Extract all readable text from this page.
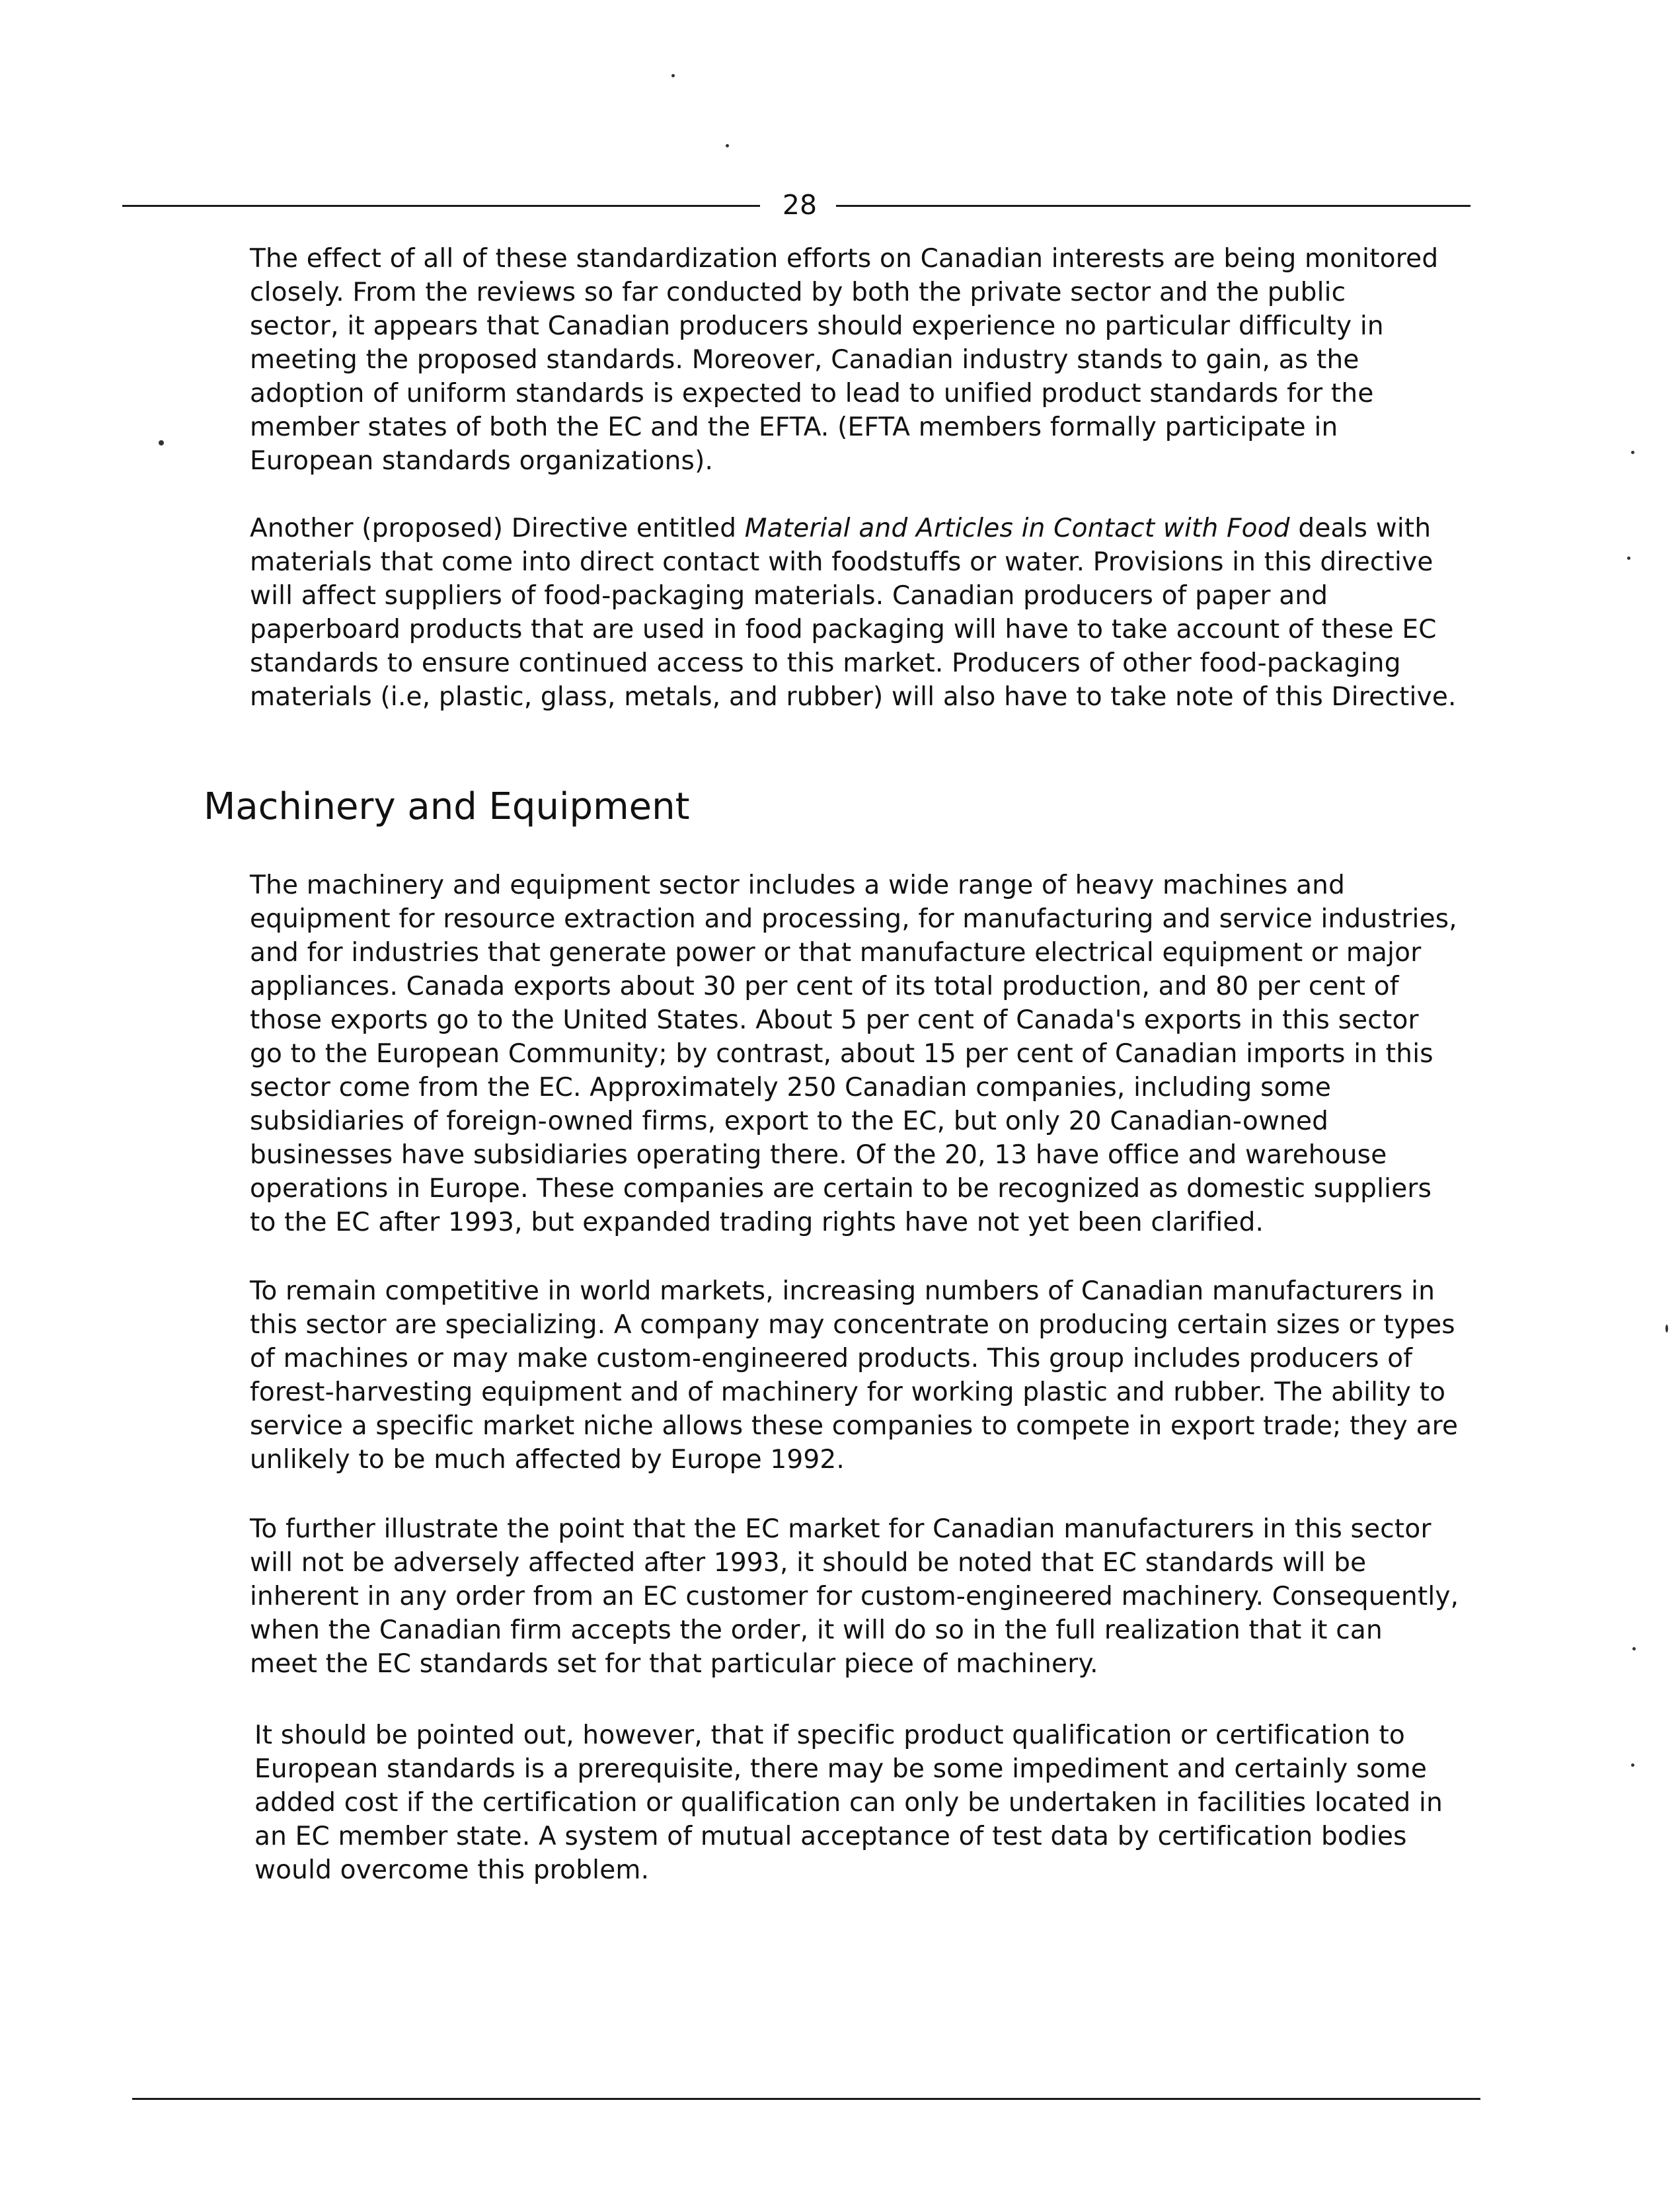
28

The effect of all of these standardization efforts on Canadian interests are being monitored
closely. From the reviews so far conducted by both the private sector and the public
sector, it appears that Canadian producers should experience no particular difficulty in
meeting the proposed standards. Moreover, Canadian industry stands to gain, as the
adoption of uniform standards is expected to lead to unified product standards for the
member states of both the EC and the EFTA. (EFTA members formally participate in
European standards organizations).

Another (proposed) Directive entitled Material and Articles in Contact with Food deals with
materials that come into direct contact with foodstuffs or water. Provisions in this directive
will affect suppliers of food-packaging materials. Canadian producers of paper and
paperboard products that are used in food packaging will have to take account of these EC
standards to ensure continued access to this market. Producers of other food-packaging
materials (i.e, plastic, glass, metals, and rubber) will also have to take note of this Directive.

Machinery and Equipment

The machinery and equipment sector includes a wide range of heavy machines and
equipment for resource extraction and processing, for manufacturing and service industries,
and for industries that generate power or that manufacture electrical equipment or major
appliances. Canada exports about 30 per cent of its total production, and 80 per cent of
those exports go to the United States. About 5 per cent of Canada's exports in this sector
go to the European Community; by contrast, about 15 per cent of Canadian imports in this
sector come from the EC. Approximately 250 Canadian companies, including some
subsidiaries of foreign-owned firms, export to the EC, but only 20 Canadian-owned
businesses have subsidiaries operating there. Of the 20, 13 have office and warehouse
operations in Europe. These companies are certain to be recognized as domestic suppliers
to the EC after 1993, but expanded trading rights have not yet been clarified.

To remain competitive in world markets, increasing numbers of Canadian manufacturers in
this sector are specializing. A company may concentrate on producing certain sizes or types
of machines or may make custom-engineered products. This group includes producers of
forest-harvesting equipment and of machinery for working plastic and rubber. The ability to
service a specific market niche allows these companies to compete in export trade; they are
unlikely to be much affected by Europe 1992.

To further illustrate the point that the EC market for Canadian manufacturers in this sector
will not be adversely affected after 1993, it should be noted that EC standards will be
inherent in any order from an EC customer for custom-engineered machinery. Consequently,
when the Canadian firm accepts the order, it will do so in the full realization that it can
meet the EC standards set for that particular piece of machinery.

It should be pointed out, however, that if specific product qualification or certification to
European standards is a prerequisite, there may be some impediment and certainly some
added cost if the certification or qualification can only be undertaken in facilities located in
an EC member state. A system of mutual acceptance of test data by certification bodies
would overcome this problem.
